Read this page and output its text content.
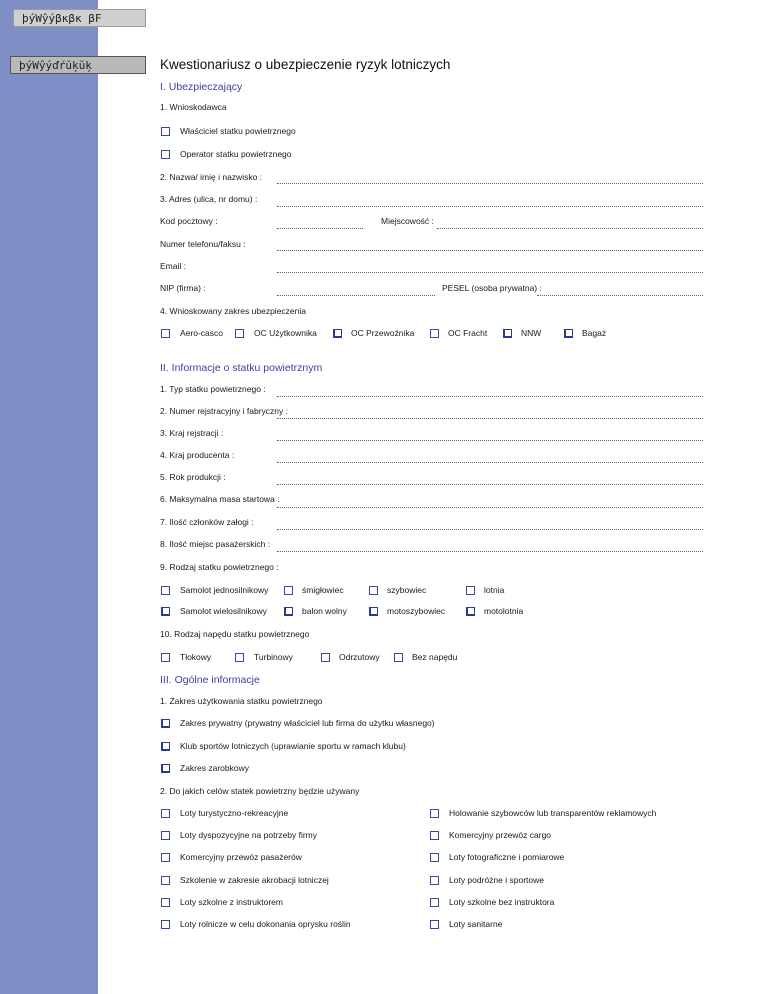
þýWŷýβĸβĸ βF
þýWŷýďŕŭķŭķ	Kwestionariusz o ubezpieczenie ryzyk lotniczych
I. Ubezpieczający
1. Wnioskodawca
Właściciel statku powietrznego
Operator statku powietrznego
2. Nazwa/ imię i nazwisko :
3. Adres (ulica, nr domu) :
Kod pocztowy :	Miejscowość :
Numer telefonu/faksu :
Email :
NIP (firma) :	PESEL (osoba prywatna) :
4. Wnioskowany zakres ubezpieczenia
Aero-casco	OC Użytkownika	OC Przewoźnika	OC Fracht	NNW	Bagaż
II. Informacje o statku powietrznym
1. Typ statku powietrznego :
2. Numer rejstracyjny i fabryczny :
3. Kraj rejstracji :
4. Kraj producenta :
5. Rok produkcji :
6. Maksymalna masa startowa :
7. Ilość członków załogi :
8. Ilość miejsc pasażerskich :
9. Rodzaj statku powietrznego :
Samolot jednosilnikowy	śmigłowiec	szybowiec	lotnia
Samolot wielosilnikowy	balon wolny	motoszybowiec	motolotnia
10. Rodzaj napędu statku powietrznego
Tłokowy	Turbinowy	Odrzutowy	Bez napędu
III. Ogólne informacje
1. Zakres użytkowania statku powietrznego
Zakres prywatny (prywatny właściciel lub firma do użytku własnego)
Klub sportów lotniczych (uprawianie sportu w ramach klubu)
Zakres zarobkowy
2. Do jakich celów statek powietrzny będzie używany
Loty turystyczno-rekreacyjne	Holowanie szybowców lub transparentów reklamowych
Loty dyspozycyjne na potrzeby firmy	Komercyjny przewóz cargo
Komercyjny przewóz pasażerów	Loty fotograficzne i pomiarowe
Szkolenie w zakresie akrobacji lotniczej	Loty podróżne i sportowe
Loty szkolne z instruktorem	Loty szkolne bez instruktora
Loty rolnicze w celu dokonania oprysku roślin	Loty sanitarne
